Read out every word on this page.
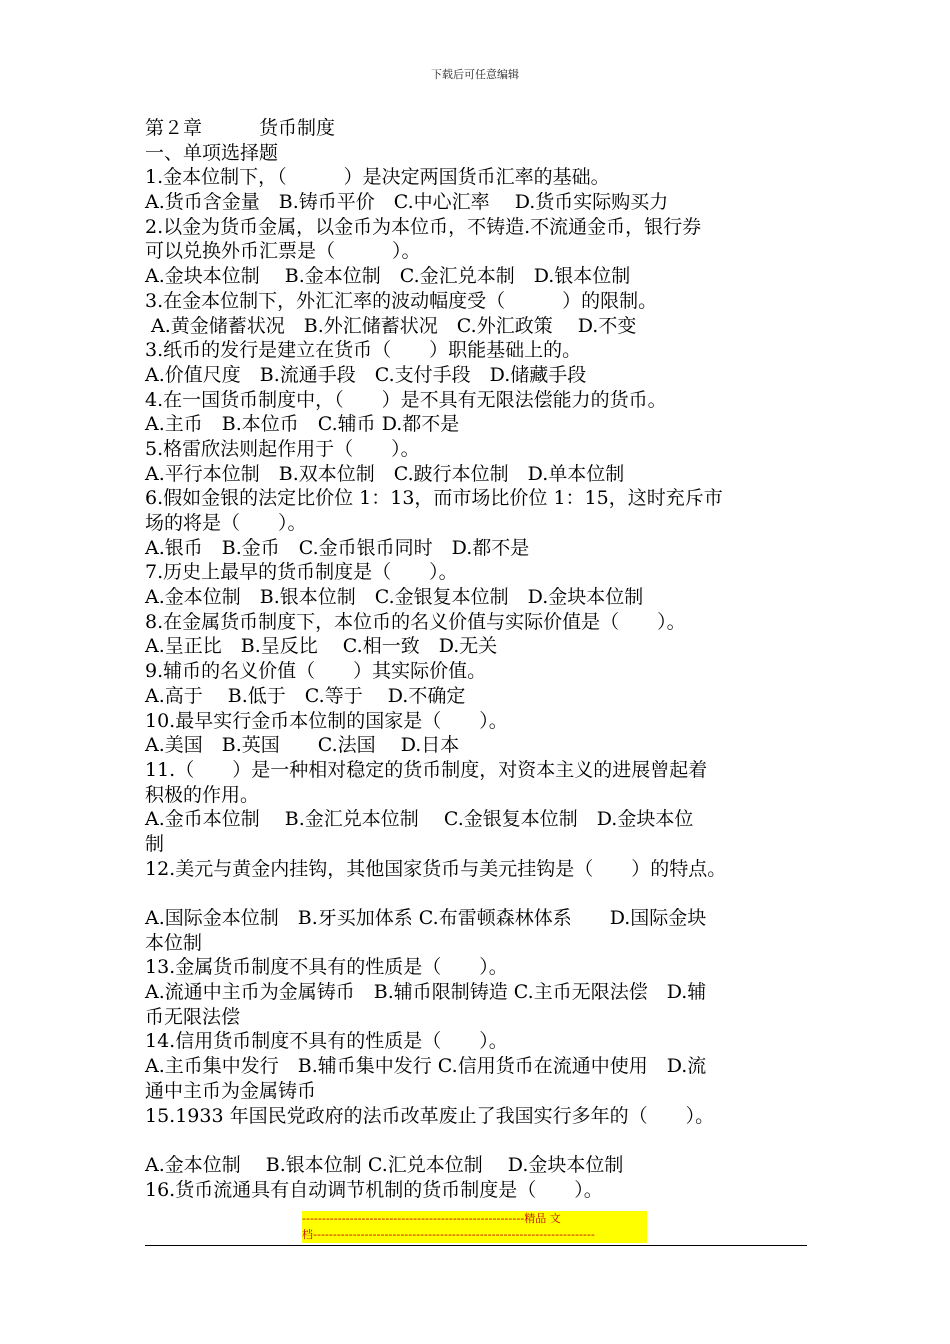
下载后可任意编辑
第２章　　　货币制度
一、单项选择题
1.金本位制下，（　　　）是决定两国货币汇率的基础。
A.货币含金量　B.铸币平价　C.中心汇率　 D.货币实际购买力
2.以金为货币金属，以金币为本位币，不铸造.不流通金币，银行券
可以兑换外币汇票是（　　　）。
A.金块本位制　 B.金本位制　C.金汇兑本制　D.银本位制
3.在金本位制下，外汇汇率的波动幅度受（　　　）的限制。
A.黄金储蓄状况　B.外汇储蓄状况　C.外汇政策　 D.不变
3.纸币的发行是建立在货币（　　）职能基础上的。
A.价值尺度　B.流通手段　C.支付手段　D.储藏手段
4.在一国货币制度中，（　　）是不具有无限法偿能力的货币。
A.主币　B.本位币　C.辅币 D.都不是
5.格雷欣法则起作用于（　　）。
A.平行本位制　B.双本位制　C.跛行本位制　D.单本位制
6.假如金银的法定比价位 1：13，而市场比价位 1：15，这时充斥市
场的将是（　　）。
A.银币　B.金币　C.金币银币同时　D.都不是
7.历史上最早的货币制度是（　　）。
A.金本位制　B.银本位制　C.金银复本位制　D.金块本位制
8.在金属货币制度下，本位币的名义价值与实际价值是（　　）。
A.呈正比　B.呈反比　 C.相一致　D.无关
9.辅币的名义价值（　　）其实际价值。
A.高于　 B.低于　C.等于　 D.不确定
10.最早实行金币本位制的国家是（　　）。
A.美国　B.英国　　C.法国　 D.日本
11.（　　）是一种相对稳定的货币制度，对资本主义的进展曾起着
积极的作用。
A.金币本位制　 B.金汇兑本位制　 C.金银复本位制　D.金块本位
制
12.美元与黄金内挂钩，其他国家货币与美元挂钩是（　　）的特点。
A.国际金本位制　B.牙买加体系 C.布雷顿森林体系　　D.国际金块
本位制
13.金属货币制度不具有的性质是（　　）。
A.流通中主币为金属铸币　B.辅币限制铸造 C.主币无限法偿　D.辅
币无限法偿
14.信用货币制度不具有的性质是（　　）。
A.主币集中发行　B.辅币集中发行 C.信用货币在流通中使用　D.流
通中主币为金属铸币
15.1933 年国民党政府的法币改革废止了我国实行多年的（　　）。
A.金本位制　 B.银本位制 C.汇兑本位制　 D.金块本位制
16.货币流通具有自动调节机制的货币制度是（　　）。
--------------------------------------------------------精品 文
档-----------------------------------------------------------------------
